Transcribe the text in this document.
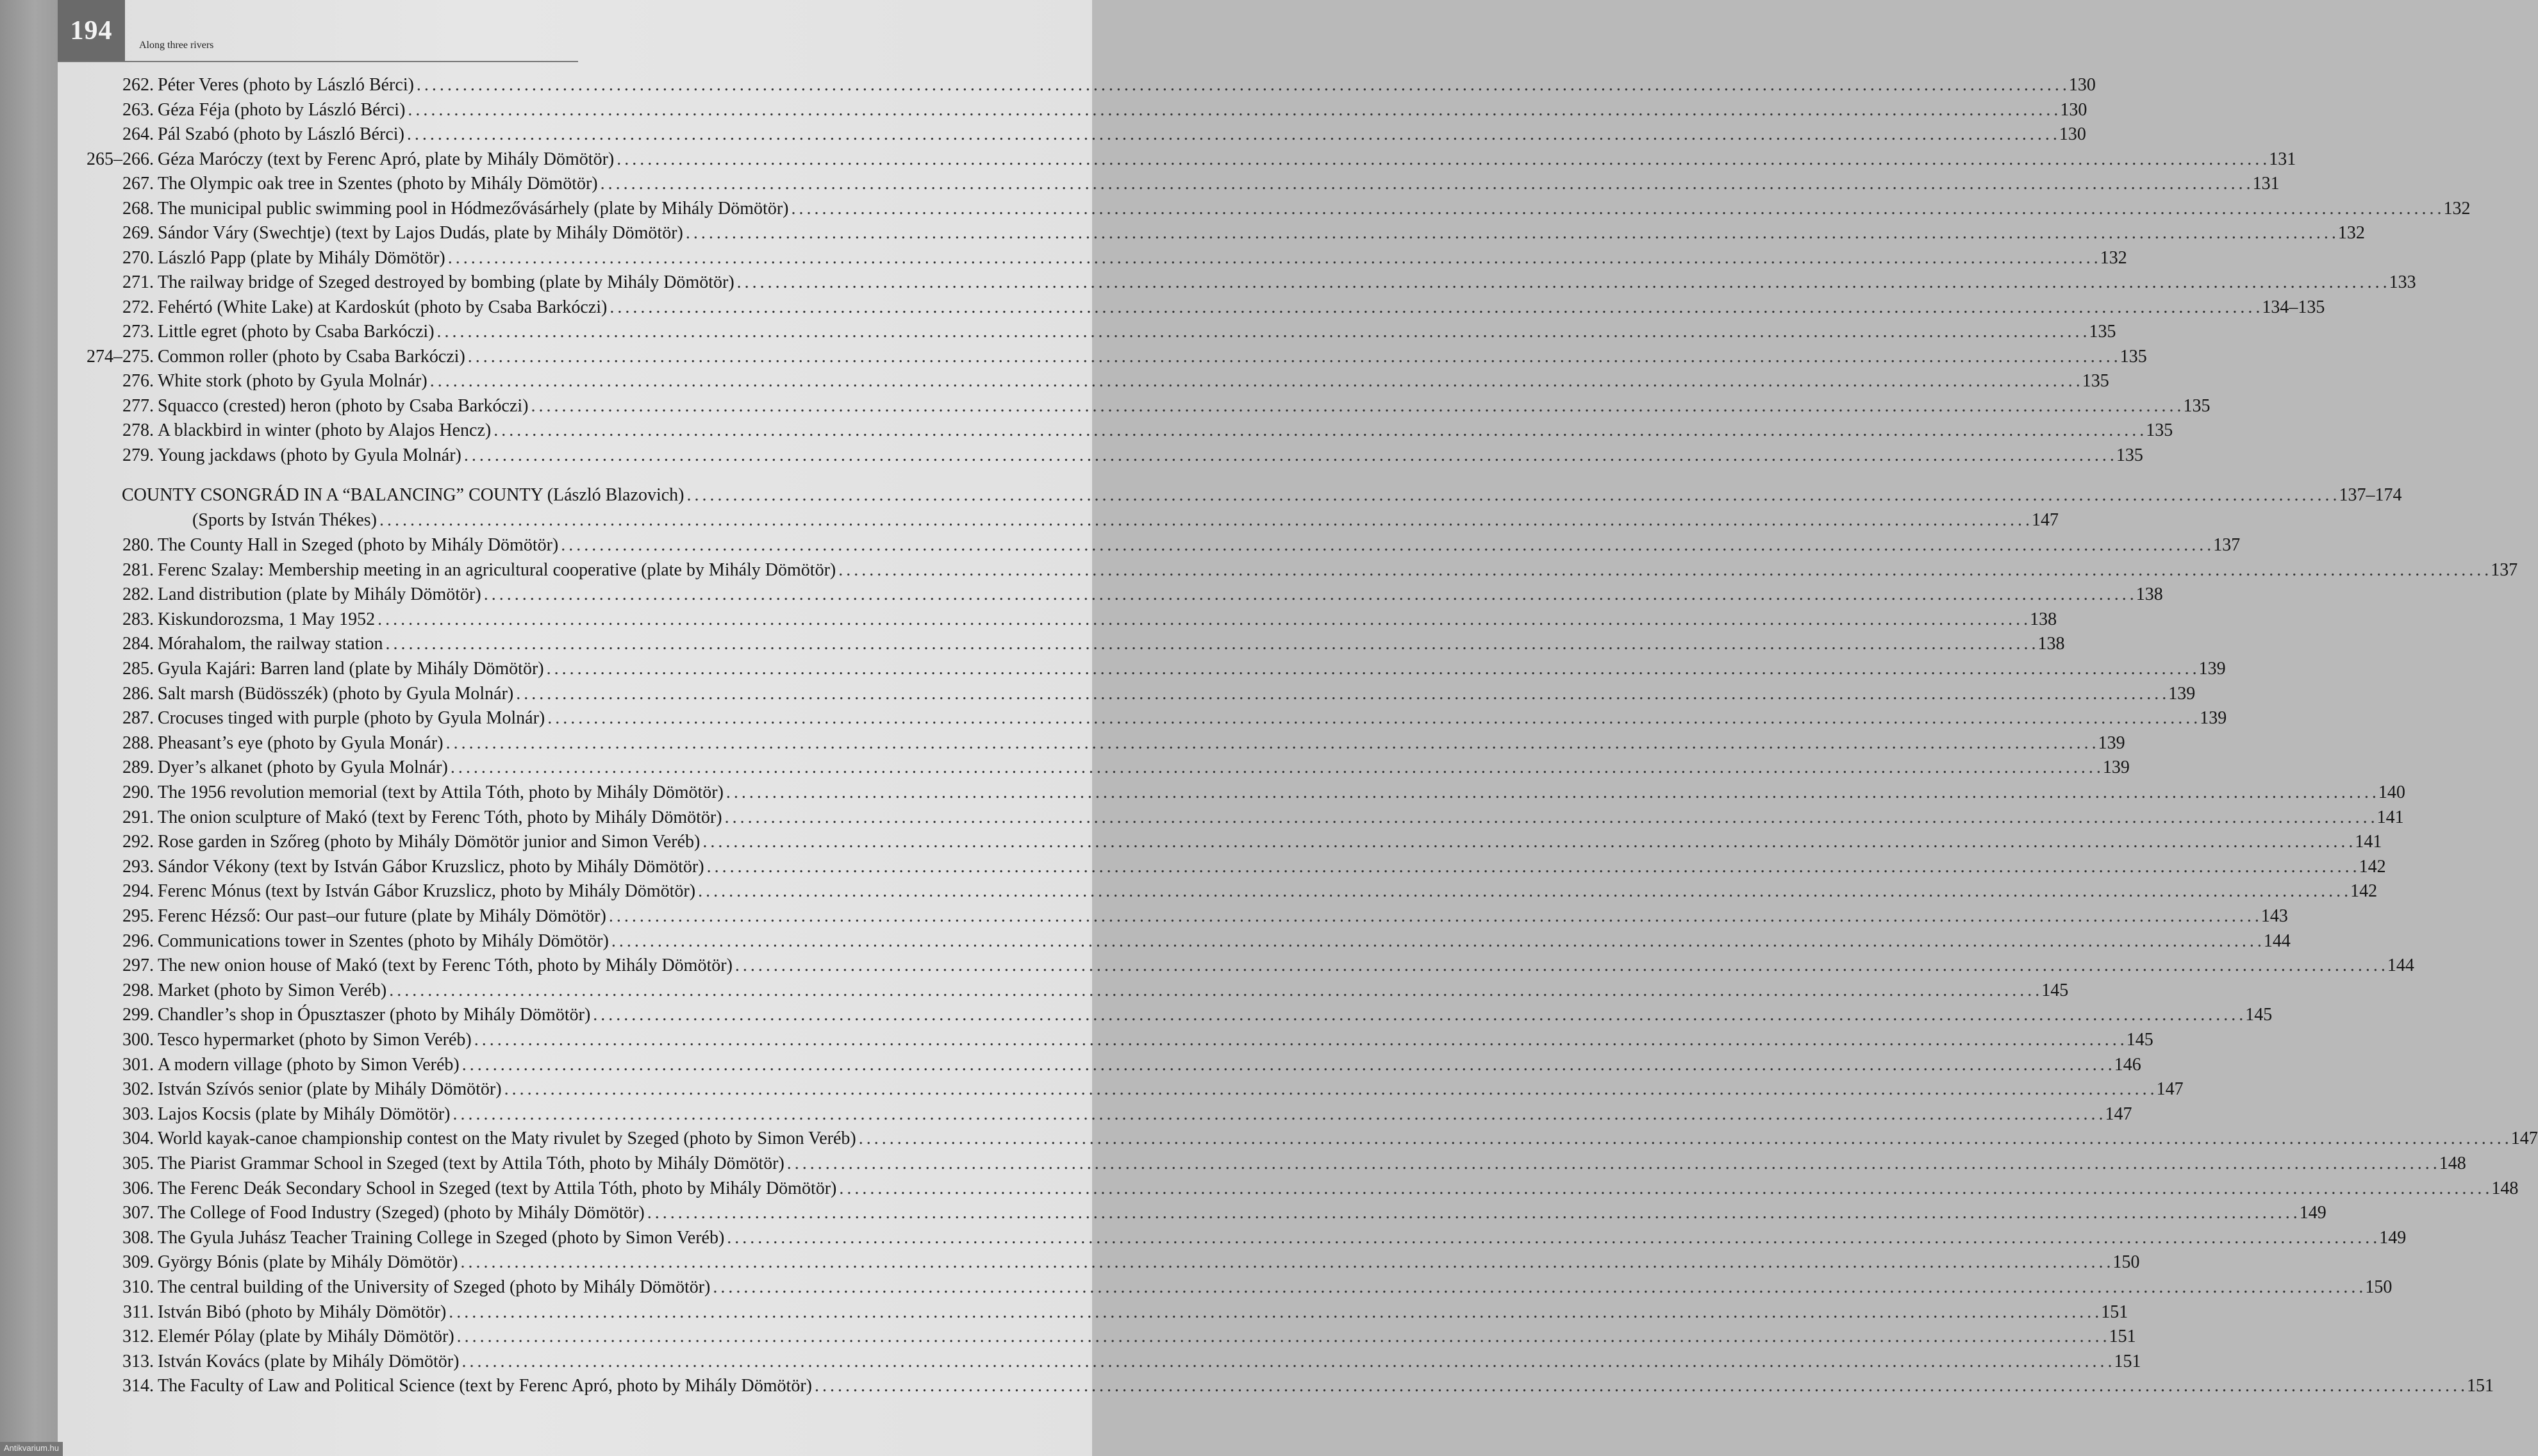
194	Along three rivers
COUNTY CSONGRÁD IN A “BALANCING” COUNTY (László Blazovich) . . .	137–174
(Sports by István Thékes) . . .	147
262. Péter Veres (photo by László Bérci) . . .	130
263. Géza Féja (photo by László Bérci) . . .	130
264. Pál Szabó (photo by László Bérci) . . .	130
265–266. Géza Maróczy (text by Ferenc Apró, plate by Mihály Dömötör) . . .	131
267. The Olympic oak tree in Szentes (photo by Mihály Dömötör) . . .	131
268. The municipal public swimming pool in Hódmezővásárhely (plate by Mihály Dömötör) . . .	132
269. Sándor Váry (Swechtje) (text by Lajos Dudás, plate by Mihály Dömötör) . . .	132
270. László Papp (plate by Mihály Dömötör) . . .	132
271. The railway bridge of Szeged destroyed by bombing (plate by Mihály Dömötör) . . .	133
272. Fehértó (White Lake) at Kardoskút (photo by Csaba Barkóczi) . . .	134–135
273. Little egret (photo by Csaba Barkóczi) . . .	135
274–275. Common roller (photo by Csaba Barkóczi) . . .	135
276. White stork (photo by Gyula Molnár) . . .	135
277. Squacco (crested) heron (photo by Csaba Barkóczi) . . .	135
278. A blackbird in winter (photo by Alajos Hencz) . . .	135
279. Young jackdaws (photo by Gyula Molnár) . . .	135
280. The County Hall in Szeged (photo by Mihály Dömötör) . . .	137
281. Ferenc Szalay: Membership meeting in an agricultural cooperative (plate by Mihály Dömötör) . . .	137
282. Land distribution (plate by Mihály Dömötör) . . .	138
283. Kiskundorozsma, 1 May 1952 . . .	138
284. Mórahalom, the railway station . . .	138
285. Gyula Kajári: Barren land (plate by Mihály Dömötör) . . .	139
286. Salt marsh (Büdösszék) (photo by Gyula Molnár) . . .	139
287. Crocuses tinged with purple (photo by Gyula Molnár) . . .	139
288. Pheasant’s eye (photo by Gyula Monár) . . .	139
289. Dyer’s alkanet (photo by Gyula Molnár) . . .	139
290. The 1956 revolution memorial (text by Attila Tóth, photo by Mihály Dömötör) . . .	140
291. The onion sculpture of Makó (text by Ferenc Tóth, photo by Mihály Dömötör) . . .	141
292. Rose garden in Szőreg (photo by Mihály Dömötör junior and Simon Veréb) . . .	141
293. Sándor Vékony (text by István Gábor Kruzslicz, photo by Mihály Dömötör) . . .	142
294. Ferenc Mónus (text by István Gábor Kruzslicz, photo by Mihály Dömötör) . . .	142
295. Ferenc Hézső: Our past–our future (plate by Mihály Dömötör) . . .	143
296. Communications tower in Szentes (photo by Mihály Dömötör) . . .	144
297. The new onion house of Makó (text by Ferenc Tóth, photo by Mihály Dömötör) . . .	144
298. Market (photo by Simon Veréb) . . .	145
299. Chandler’s shop in Ópusztaszer (photo by Mihály Dömötör) . . .	145
300. Tesco hypermarket (photo by Simon Veréb) . . .	145
301. A modern village (photo by Simon Veréb) . . .	146
302. István Szívós senior (plate by Mihály Dömötör) . . .	147
303. Lajos Kocsis (plate by Mihály Dömötör) . . .	147
304. World kayak-canoe championship contest on the Maty rivulet by Szeged (photo by Simon Veréb) . . .	147
305. The Piarist Grammar School in Szeged (text by Attila Tóth, photo by Mihály Dömötör) . . .	148
306. The Ferenc Deák Secondary School in Szeged (text by Attila Tóth, photo by Mihály Dömötör) . . .	148
307. The College of Food Industry (Szeged) (photo by Mihály Dömötör) . . .	149
308. The Gyula Juhász Teacher Training College in Szeged (photo by Simon Veréb) . . .	149
309. György Bónis (plate by Mihály Dömötör) . . .	150
310. The central building of the University of Szeged (photo by Mihály Dömötör) . . .	150
311. István Bibó (photo by Mihály Dömötör) . . .	151
312. Elemér Pólay (plate by Mihály Dömötör) . . .	151
313. István Kovács (plate by Mihály Dömötör) . . .	151
314. The Faculty of Law and Political Science (text by Ferenc Apró, photo by Mihály Dömötör) . . .	151
Antikvarium.hu
